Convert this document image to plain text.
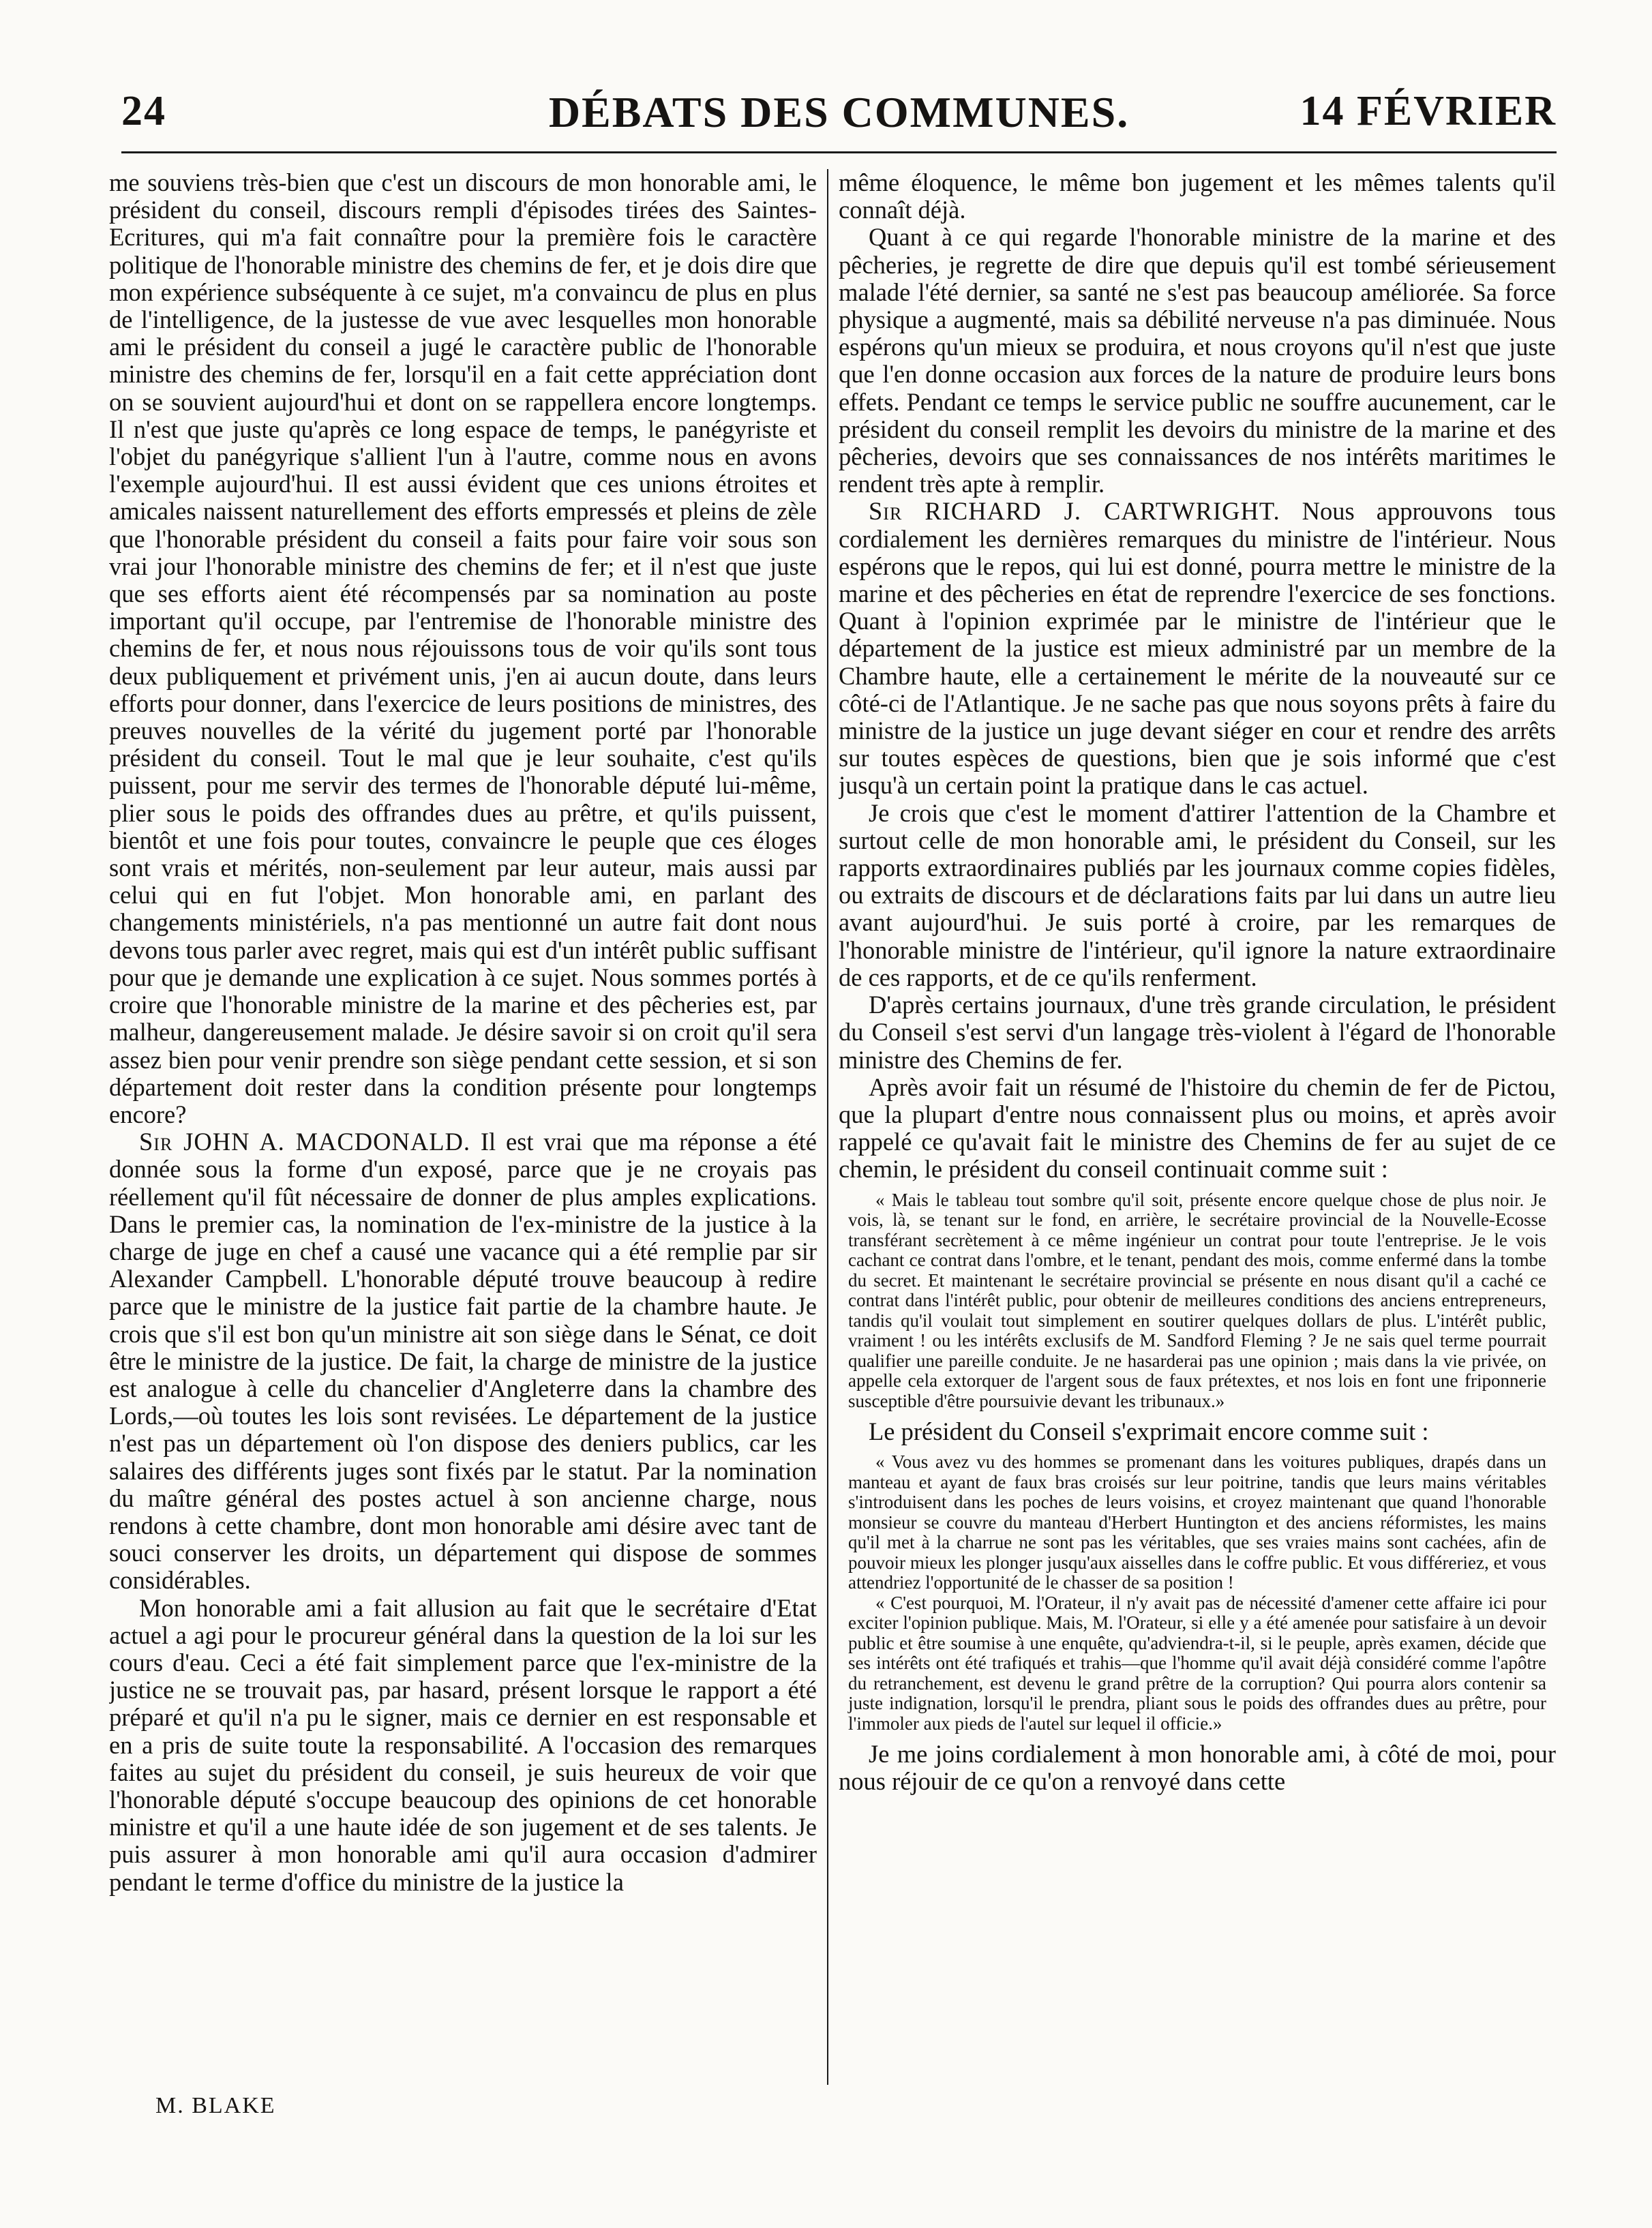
24	DÉBATS DES COMMUNES.	14 FÉVRIER

me souviens très-bien que c'est un discours de mon honorable ami, le président du conseil, discours rempli d'épisodes tirées des Saintes-Ecritures, qui m'a fait connaître pour la première fois le caractère politique de l'honorable ministre des chemins de fer, et je dois dire que mon expérience subséquente à ce sujet, m'a convaincu de plus en plus de l'intelligence, de la justesse de vue avec lesquelles mon honorable ami le président du conseil a jugé le caractère public de l'honorable ministre des chemins de fer, lorsqu'il en a fait cette appréciation dont on se souvient aujourd'hui et dont on se rappellera encore longtemps. Il n'est que juste qu'après ce long espace de temps, le panégyriste et l'objet du panégyrique s'allient l'un à l'autre, comme nous en avons l'exemple aujourd'hui. Il est aussi évident que ces unions étroites et amicales naissent naturellement des efforts empressés et pleins de zèle que l'honorable président du conseil a faits pour faire voir sous son vrai jour l'honorable ministre des chemins de fer; et il n'est que juste que ses efforts aient été récompensés par sa nomination au poste important qu'il occupe, par l'entremise de l'honorable ministre des chemins de fer, et nous nous réjouissons tous de voir qu'ils sont tous deux publiquement et privément unis, j'en ai aucun doute, dans leurs efforts pour donner, dans l'exercice de leurs positions de ministres, des preuves nouvelles de la vérité du jugement porté par l'honorable président du conseil. Tout le mal que je leur souhaite, c'est qu'ils puissent, pour me servir des termes de l'honorable député lui-même, plier sous le poids des offrandes dues au prêtre, et qu'ils puissent, bientôt et une fois pour toutes, convaincre le peuple que ces éloges sont vrais et mérités, non-seulement par leur auteur, mais aussi par celui qui en fut l'objet. Mon honorable ami, en parlant des changements ministériels, n'a pas mentionné un autre fait dont nous devons tous parler avec regret, mais qui est d'un intérêt public suffisant pour que je demande une explication à ce sujet. Nous sommes portés à croire que l'honorable ministre de la marine et des pêcheries est, par malheur, dangereusement malade. Je désire savoir si on croit qu'il sera assez bien pour venir prendre son siège pendant cette session, et si son département doit rester dans la condition présente pour longtemps encore?

Sir JOHN A. MACDONALD. Il est vrai que ma réponse a été donnée sous la forme d'un exposé, parce que je ne croyais pas réellement qu'il fût nécessaire de donner de plus amples explications. Dans le premier cas, la nomination de l'ex-ministre de la justice à la charge de juge en chef a causé une vacance qui a été remplie par sir Alexander Campbell. L'honorable député trouve beaucoup à redire parce que le ministre de la justice fait partie de la chambre haute. Je crois que s'il est bon qu'un ministre ait son siège dans le Sénat, ce doit être le ministre de la justice. De fait, la charge de ministre de la justice est analogue à celle du chancelier d'Angleterre dans la chambre des Lords,—où toutes les lois sont revisées. Le département de la justice n'est pas un département où l'on dispose des deniers publics, car les salaires des différents juges sont fixés par le statut. Par la nomination du maître général des postes actuel à son ancienne charge, nous rendons à cette chambre, dont mon honorable ami désire avec tant de souci conserver les droits, un département qui dispose de sommes considérables.

Mon honorable ami a fait allusion au fait que le secrétaire d'Etat actuel a agi pour le procureur général dans la question de la loi sur les cours d'eau. Ceci a été fait simplement parce que l'ex-ministre de la justice ne se trouvait pas, par hasard, présent lorsque le rapport a été préparé et qu'il n'a pu le signer, mais ce dernier en est responsable et en a pris de suite toute la responsabilité. A l'occasion des remarques faites au sujet du président du conseil, je suis heureux de voir que l'honorable député s'occupe beaucoup des opinions de cet honorable ministre et qu'il a une haute idée de son jugement et de ses talents. Je puis assurer à mon honorable ami qu'il aura occasion d'admirer pendant le terme d'office du ministre de la justice la

même éloquence, le même bon jugement et les mêmes talents qu'il connaît déjà.

Quant à ce qui regarde l'honorable ministre de la marine et des pêcheries, je regrette de dire que depuis qu'il est tombé sérieusement malade l'été dernier, sa santé ne s'est pas beaucoup améliorée. Sa force physique a augmenté, mais sa débilité nerveuse n'a pas diminuée. Nous espérons qu'un mieux se produira, et nous croyons qu'il n'est que juste que l'en donne occasion aux forces de la nature de produire leurs bons effets. Pendant ce temps le service public ne souffre aucunement, car le président du conseil remplit les devoirs du ministre de la marine et des pêcheries, devoirs que ses connaissances de nos intérêts maritimes le rendent très apte à remplir.

Sir RICHARD J. CARTWRIGHT. Nous approuvons tous cordialement les dernières remarques du ministre de l'intérieur. Nous espérons que le repos, qui lui est donné, pourra mettre le ministre de la marine et des pêcheries en état de reprendre l'exercice de ses fonctions. Quant à l'opinion exprimée par le ministre de l'intérieur que le département de la justice est mieux administré par un membre de la Chambre haute, elle a certainement le mérite de la nouveauté sur ce côté-ci de l'Atlantique. Je ne sache pas que nous soyons prêts à faire du ministre de la justice un juge devant siéger en cour et rendre des arrêts sur toutes espèces de questions, bien que je sois informé que c'est jusqu'à un certain point la pratique dans le cas actuel.

Je crois que c'est le moment d'attirer l'attention de la Chambre et surtout celle de mon honorable ami, le président du Conseil, sur les rapports extraordinaires publiés par les journaux comme copies fidèles, ou extraits de discours et de déclarations faits par lui dans un autre lieu avant aujourd'hui. Je suis porté à croire, par les remarques de l'honorable ministre de l'intérieur, qu'il ignore la nature extraordinaire de ces rapports, et de ce qu'ils renferment.

D'après certains journaux, d'une très grande circulation, le président du Conseil s'est servi d'un langage très-violent à l'égard de l'honorable ministre des Chemins de fer.

Après avoir fait un résumé de l'histoire du chemin de fer de Pictou, que la plupart d'entre nous connaissent plus ou moins, et après avoir rappelé ce qu'avait fait le ministre des Chemins de fer au sujet de ce chemin, le président du conseil continuait comme suit :

« Mais le tableau tout sombre qu'il soit, présente encore quelque chose de plus noir. Je vois, là, se tenant sur le fond, en arrière, le secrétaire provincial de la Nouvelle-Ecosse transférant secrètement à ce même ingénieur un contrat pour toute l'entreprise. Je le vois cachant ce contrat dans l'ombre, et le tenant, pendant des mois, comme enfermé dans la tombe du secret. Et maintenant le secrétaire provincial se présente en nous disant qu'il a caché ce contrat dans l'intérêt public, pour obtenir de meilleures conditions des anciens entrepreneurs, tandis qu'il voulait tout simplement en soutirer quelques dollars de plus. L'intérêt public, vraiment ! ou les intérêts exclusifs de M. Sandford Fleming ? Je ne sais quel terme pourrait qualifier une pareille conduite. Je ne hasarderai pas une opinion ; mais dans la vie privée, on appelle cela extorquer de l'argent sous de faux prétextes, et nos lois en font une friponnerie susceptible d'être poursuivie devant les tribunaux.»

Le président du Conseil s'exprimait encore comme suit :

« Vous avez vu des hommes se promenant dans les voitures publiques, drapés dans un manteau et ayant de faux bras croisés sur leur poitrine, tandis que leurs mains véritables s'introduisent dans les poches de leurs voisins, et croyez maintenant que quand l'honorable monsieur se couvre du manteau d'Herbert Huntington et des anciens réformistes, les mains qu'il met à la charrue ne sont pas les véritables, que ses vraies mains sont cachées, afin de pouvoir mieux les plonger jusqu'aux aisselles dans le coffre public. Et vous différeriez, et vous attendriez l'opportunité de le chasser de sa position !

« C'est pourquoi, M. l'Orateur, il n'y avait pas de nécessité d'amener cette affaire ici pour exciter l'opinion publique. Mais, M. l'Orateur, si elle y a été amenée pour satisfaire à un devoir public et être soumise à une enquête, qu'adviendra-t-il, si le peuple, après examen, décide que ses intérêts ont été trafiqués et trahis—que l'homme qu'il avait déjà considéré comme l'apôtre du retranchement, est devenu le grand prêtre de la corruption? Qui pourra alors contenir sa juste indignation, lorsqu'il le prendra, pliant sous le poids des offrandes dues au prêtre, pour l'immoler aux pieds de l'autel sur lequel il officie.»

Je me joins cordialement à mon honorable ami, à côté de moi, pour nous réjouir de ce qu'on a renvoyé dans cette

M. BLAKE
